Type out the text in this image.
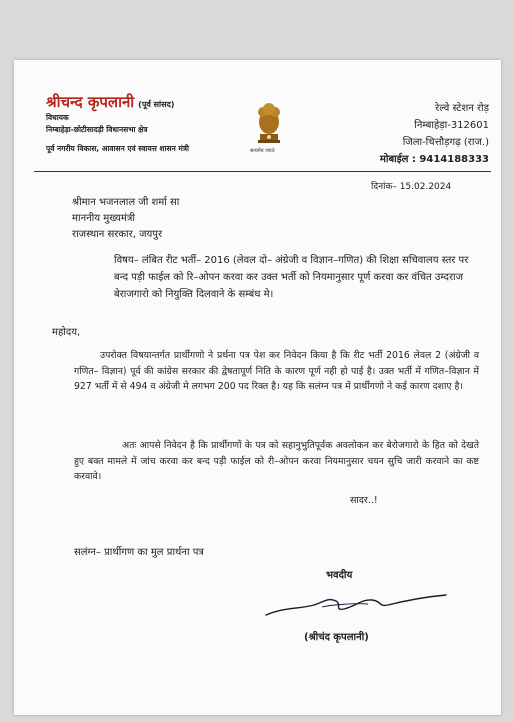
श्रीचन्द कृपलानी (पूर्व सांसद)
विधायक
निम्बाहेड़ा-छोटीसादड़ी विधानसभा क्षेत्र
पूर्व नगरीय विकास, आवासन एवं स्वायत्त शासन मंत्री	सत्यमेव जयते
रेल्वे स्टेशन रोड़
निम्बाहेड़ा-312601
जिला-चित्तौड़गढ़ (राज.)
मोबाईल : 9414188333
दिनांक– 15.02.2024
श्रीमान भजनलाल जी शर्मा सा
माननीय मुख्यमंत्री
राजस्थान सरकार, जयपुर
विषय– लंबित रीट भर्ती– 2016 (लेवल दो– अंग्रेजी व विज्ञान–गणित) की शिक्षा सचिवालय स्तर पर बन्द पड़ी फाईल को रि–ओपन करवा कर उक्त भर्ती को नियमानुसार पूर्ण करवा कर वंचित उम्दराज बेराजगारो को नियुक्ति दिलवाने के सम्बंध मे।
महोदय,
उपरोक्त विषयान्तर्गत प्रार्थीगणो ने प्रर्थना पत्र पेश कर निवेदन किया है कि रीट भर्ती 2016 लेवल 2 (अंग्रेजी व गणित– विज्ञान) पूर्व की कांग्रेस सरकार की द्वेषतापूर्ण निति के कारण पूर्ण नही हो पाई है। उक्त भर्ती में गणित–विज्ञान में 927 भर्ती में से 494 व अंग्रेजी मे लगभग 200 पद रिक्त है। यह कि सलंग्न पत्र में प्रार्थीगणो ने कई कारण दशाए है।
अतः आपसे निवेदन है कि प्रार्थीगणों के पत्र को सहानुभुतिपूर्वक अवलोकन कर बेरोजगारो के हित को देखते हुए बक्त मामले में जांच करवा कर बन्द पड़ी फाईल को री–ओपन करवा नियमानुसार चयन सुचि जारी करवाने का कष्ट करवावे।
सादर..!
सलंग्न– प्रार्थीगण का मुल प्रार्थना पत्र
भवदीय
(श्रीचंद कृपलानी)
